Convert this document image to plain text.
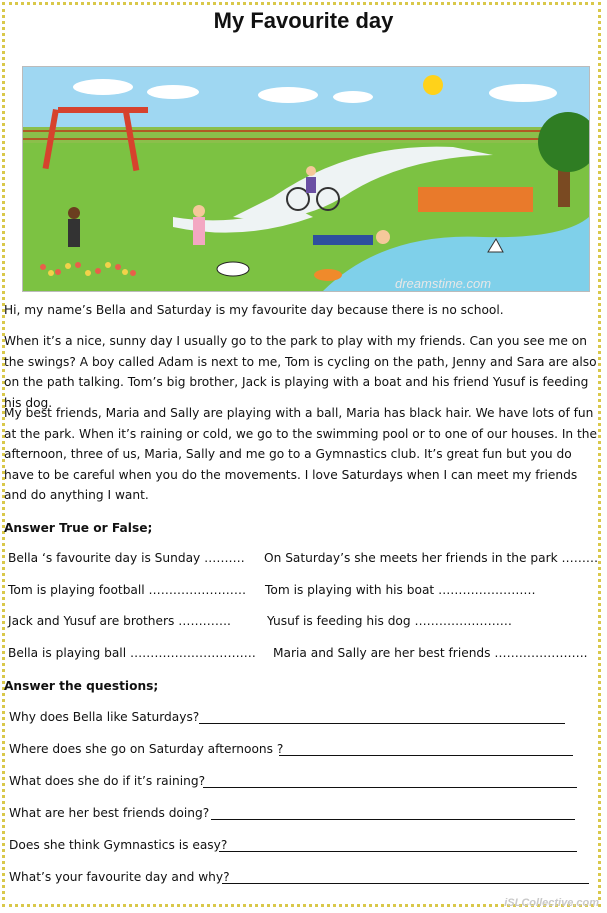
My Favourite day
dreamstime.com
Hi, my name’s Bella and Saturday is my favourite day because there is no school.
When it’s a nice, sunny day I usually go to the park to play with my friends. Can you see me on the swings? A boy called Adam is next to me, Tom is cycling on the path, Jenny and Sara are also on the path talking. Tom’s big brother, Jack is playing with a boat and his friend Yusuf is feeding his dog.
My best friends, Maria and Sally are playing with a ball, Maria has black hair. We have lots of fun at the park. When it’s raining or cold, we go to the swimming pool or to one of our houses. In the afternoon, three of us, Maria, Sally and me go to a Gymnastics club. It’s great fun but you do have to be careful when you do the movements. I love Saturdays when I can meet my friends and do anything I want.
Answer True or False;
Bella ‘s favourite day is Sunday ………. On Saturday’s she meets her friends in the park ………
Tom is playing football …………………… Tom is playing with his boat ……………………
Jack and Yusuf are brothers ………….	Yusuf is feeding his dog ……………………
Bella is playing ball …………………………. Maria and Sally are her best friends …………………..
Answer the questions;
Why does Bella like Saturdays?
Where does she go on Saturday afternoons ?
What does she do if it’s raining?
What are her best friends doing?
Does she think Gymnastics is easy?
What’s your favourite day and why?
iSLCollective.com
